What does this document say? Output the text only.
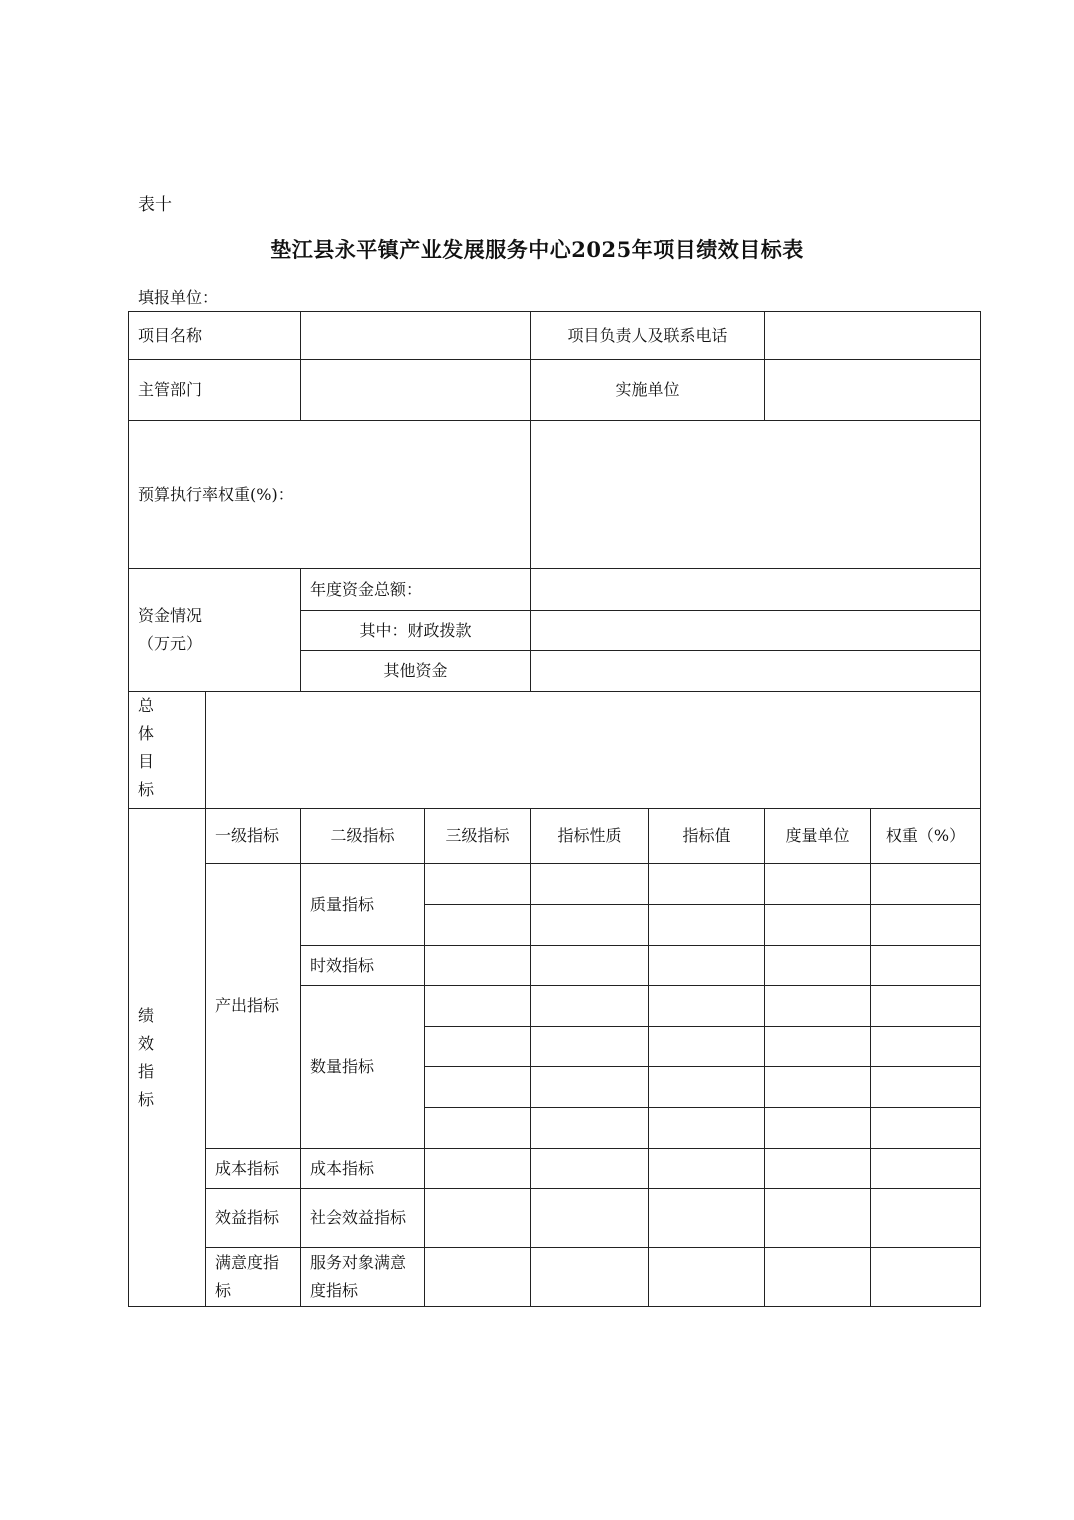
表十
垫江县永平镇产业发展服务中心2025年项目绩效目标表
填报单位：
项目名称				项目负责人及联系电话			
主管部门				实施单位			
预算执行率权重(%)：							
资金情况
（万元）		年度资金总额：					
		其中：财政拨款					
		其他资金					
总
体
目
标							
绩
效
指
标	一级指标	二级指标	三级指标	指标性质	指标值	度量单位	权重（%）
	产出指标	质量指标					

		时效指标					
		数量指标					

	成本指标	成本指标					
	效益指标	社会效益指标					
	满意度指标	服务对象满意度指标					
